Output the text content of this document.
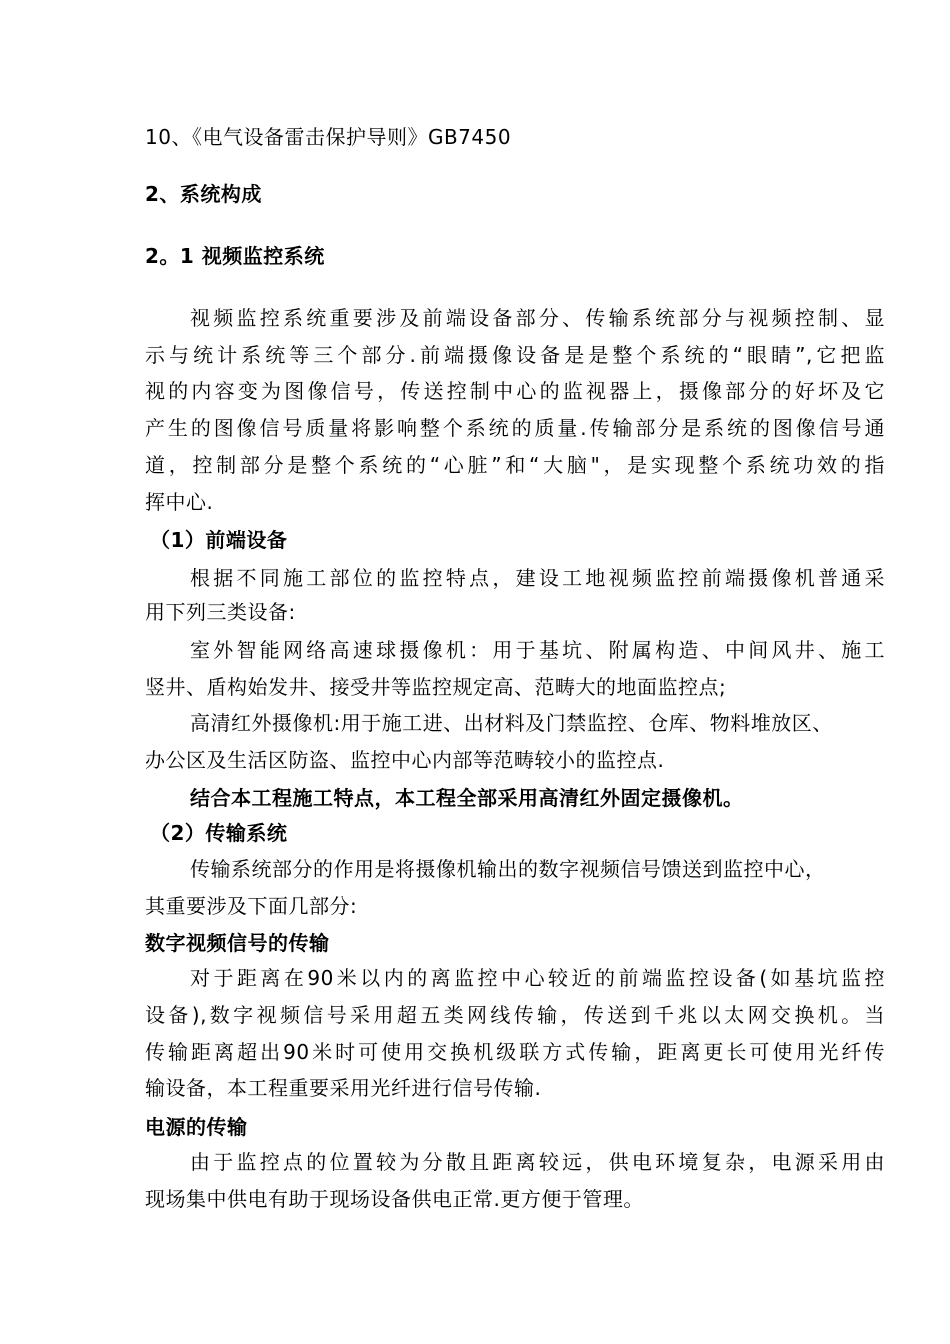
10、《电气设备雷击保护导则》GB7450
2、系统构成
2。1 视频监控系统
视频监控系统重要涉及前端设备部分、传输系统部分与视频控制、显
示与统计系统等三个部分.前端摄像设备是是整个系统的“眼睛”,它把监
视的内容变为图像信号，传送控制中心的监视器上，摄像部分的好坏及它
产生的图像信号质量将影响整个系统的质量.传输部分是系统的图像信号通
道，控制部分是整个系统的“心脏”和“大脑"，是实现整个系统功效的指
挥中心.
（1）前端设备
根据不同施工部位的监控特点，建设工地视频监控前端摄像机普通采
用下列三类设备:
室外智能网络高速球摄像机：用于基坑、附属构造、中间风井、施工
竖井、盾构始发井、接受井等监控规定高、范畴大的地面监控点;
高清红外摄像机:用于施工进、出材料及门禁监控、仓库、物料堆放区、
办公区及生活区防盗、监控中心内部等范畴较小的监控点.
结合本工程施工特点，本工程全部采用高清红外固定摄像机。
（2）传输系统
传输系统部分的作用是将摄像机输出的数字视频信号馈送到监控中心，
其重要涉及下面几部分:
数字视频信号的传输
对于距离在90米以内的离监控中心较近的前端监控设备(如基坑监控
设备),数字视频信号采用超五类网线传输，传送到千兆以太网交换机。当
传输距离超出90米时可使用交换机级联方式传输，距离更长可使用光纤传
输设备，本工程重要采用光纤进行信号传输.
电源的传输
由于监控点的位置较为分散且距离较远，供电环境复杂，电源采用由
现场集中供电有助于现场设备供电正常.更方便于管理。
